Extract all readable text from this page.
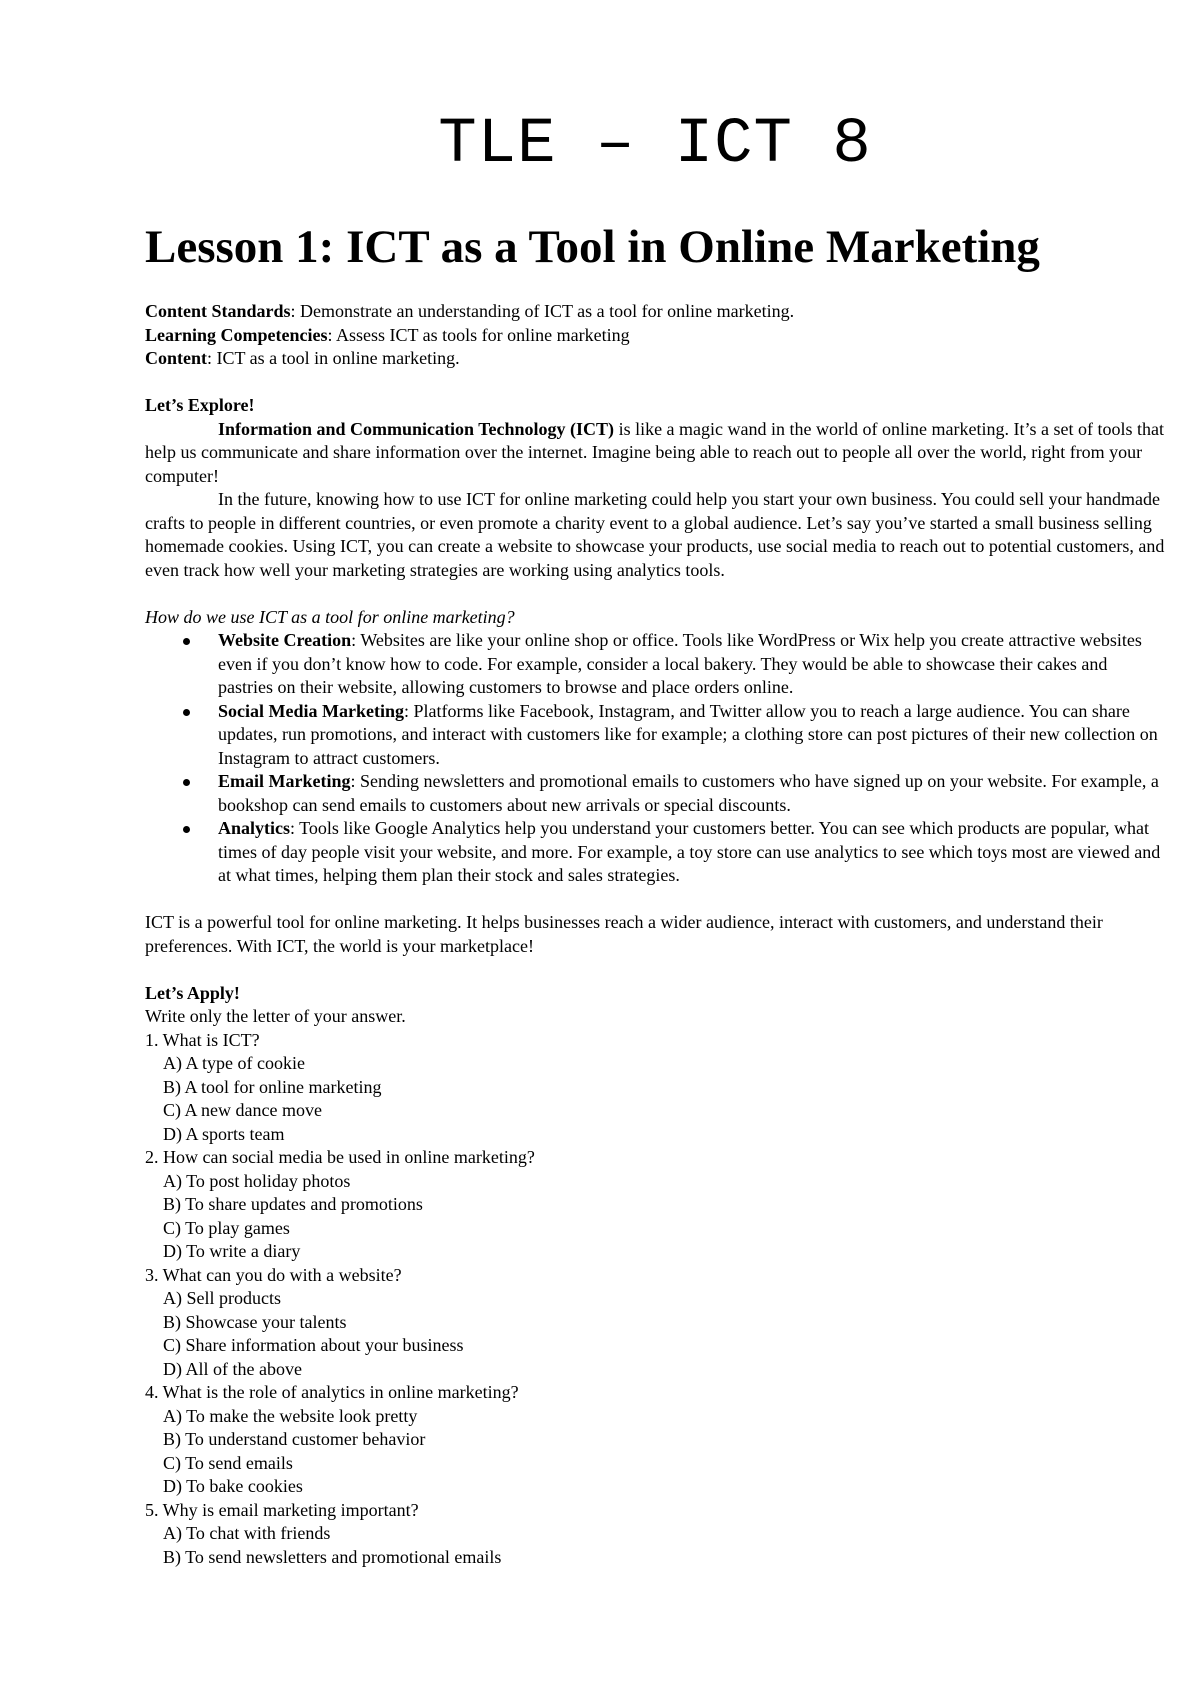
TLE – ICT 8
Lesson 1: ICT as a Tool in Online Marketing
Content Standards: Demonstrate an understanding of ICT as a tool for online marketing.
Learning Competencies: Assess ICT as tools for online marketing
Content: ICT as a tool in online marketing.
Let’s Explore!

Information and Communication Technology (ICT) is like a magic wand in the world of online marketing. It’s a set of tools that help us communicate and share information over the internet. Imagine being able to reach out to people all over the world, right from your computer!

In the future, knowing how to use ICT for online marketing could help you start your own business. You could sell your handmade crafts to people in different countries, or even promote a charity event to a global audience. Let’s say you’ve started a small business selling homemade cookies. Using ICT, you can create a website to showcase your products, use social media to reach out to potential customers, and even track how well your marketing strategies are working using analytics tools.

How do we use ICT as a tool for online marketing?
Website Creation: Websites are like your online shop or office. Tools like WordPress or Wix help you create attractive websites even if you don’t know how to code. For example, consider a local bakery. They would be able to showcase their cakes and pastries on their website, allowing customers to browse and place orders online.
Social Media Marketing: Platforms like Facebook, Instagram, and Twitter allow you to reach a large audience. You can share updates, run promotions, and interact with customers like for example; a clothing store can post pictures of their new collection on Instagram to attract customers.
Email Marketing: Sending newsletters and promotional emails to customers who have signed up on your website. For example, a bookshop can send emails to customers about new arrivals or special discounts.
Analytics: Tools like Google Analytics help you understand your customers better. You can see which products are popular, what times of day people visit your website, and more. For example, a toy store can use analytics to see which toys most are viewed and at what times, helping them plan their stock and sales strategies.
ICT is a powerful tool for online marketing. It helps businesses reach a wider audience, interact with customers, and understand their preferences. With ICT, the world is your marketplace!
Let’s Apply!
Write only the letter of your answer.
1. What is ICT?
A) A type of cookie
B) A tool for online marketing
C) A new dance move
D) A sports team
2. How can social media be used in online marketing?
A) To post holiday photos
B) To share updates and promotions
C) To play games
D) To write a diary
3. What can you do with a website?
A) Sell products
B) Showcase your talents
C) Share information about your business
D) All of the above
4. What is the role of analytics in online marketing?
A) To make the website look pretty
B) To understand customer behavior
C) To send emails
D) To bake cookies
5. Why is email marketing important?
A) To chat with friends
B) To send newsletters and promotional emails
